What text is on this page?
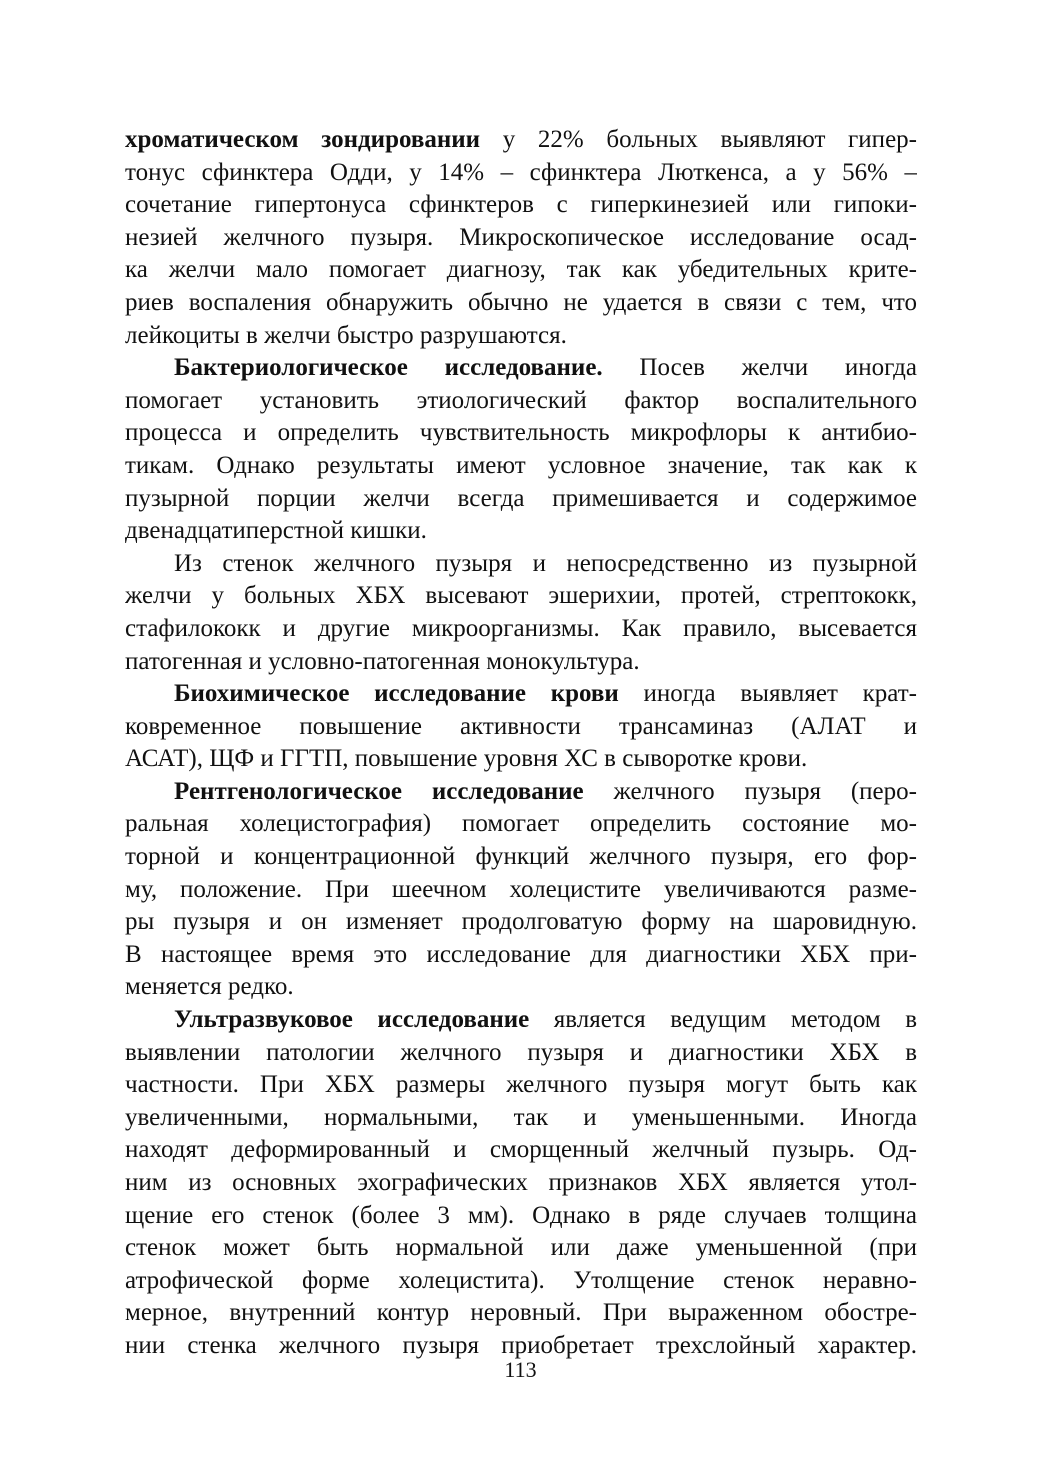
хроматическом зондировании у 22% больных выявляют гипер-
тонус сфинктера Одди, у 14% – сфинктера Люткенса, а у 56% –
сочетание гипертонуса сфинктеров с гиперкинезией или гипоки-
незией желчного пузыря. Микроскопическое исследование осад-
ка желчи мало помогает диагнозу, так как убедительных крите-
риев воспаления обнаружить обычно не удается в связи с тем, что
лейкоциты в желчи быстро разрушаются.
Бактериологическое исследование. Посев желчи иногда
помогает установить этиологический фактор воспалительного
процесса и определить чувствительность микрофлоры к антибио-
тикам. Однако результаты имеют условное значение, так как к
пузырной порции желчи всегда примешивается и содержимое
двенадцатиперстной кишки.
Из стенок желчного пузыря и непосредственно из пузырной
желчи у больных ХБХ высевают эшерихии, протей, стрептококк,
стафилококк и другие микроорганизмы. Как правило, высевается
патогенная и условно-патогенная монокультура.
Биохимическое исследование крови иногда выявляет крат-
ковременное повышение активности трансаминаз (АЛАТ и
АСАТ), ЩФ и ГГТП, повышение уровня ХС в сыворотке крови.
Рентгенологическое исследование желчного пузыря (перо-
ральная холецистография) помогает определить состояние мо-
торной и концентрационной функций желчного пузыря, его фор-
му, положение. При шеечном холецистите увеличиваются разме-
ры пузыря и он изменяет продолговатую форму на шаровидную.
В настоящее время это исследование для диагностики ХБХ при-
меняется редко.
Ультразвуковое исследование является ведущим методом в
выявлении патологии желчного пузыря и диагностики ХБХ в
частности. При ХБХ размеры желчного пузыря могут быть как
увеличенными, нормальными, так и уменьшенными. Иногда
находят деформированный и сморщенный желчный пузырь. Од-
ним из основных эхографических признаков ХБХ является утол-
щение его стенок (более 3 мм). Однако в ряде случаев толщина
стенок может быть нормальной или даже уменьшенной (при
атрофической форме холецистита). Утолщение стенок неравно-
мерное, внутренний контур неровный. При выраженном обостре-
нии стенка желчного пузыря приобретает трехслойный характер.
113
